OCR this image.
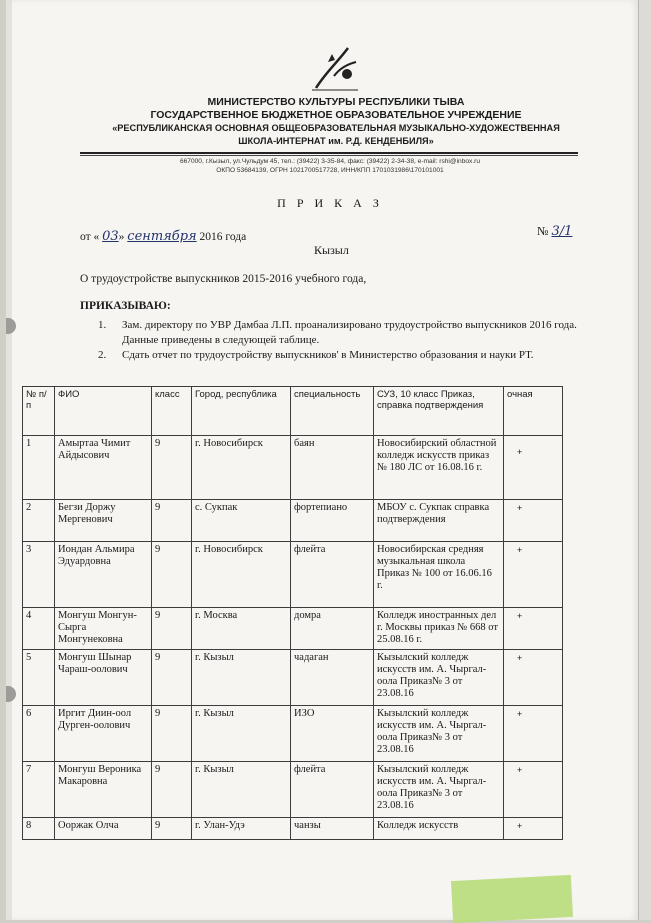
МИНИСТЕРСТВО КУЛЬТУРЫ РЕСПУБЛИКИ ТЫВА
ГОСУДАРСТВЕННОЕ БЮДЖЕТНОЕ ОБРАЗОВАТЕЛЬНОЕ УЧРЕЖДЕНИЕ
«РЕСПУБЛИКАНСКАЯ ОСНОВНАЯ ОБЩЕОБРАЗОВАТЕЛЬНАЯ МУЗЫКАЛЬНО-ХУДОЖЕСТВЕННАЯ
ШКОЛА-ИНТЕРНАТ им. Р.Д. КЕНДЕНБИЛЯ»
667000, г.Кызыл, ул.Чульдум 45, тел.: (39422) 3-35-84, факс: (39422) 2-34-38, e-mail: rshi@inbox.ru
ОКПО 53684139, ОГРН 1021700517728, ИНН/КПП 1701031986\170101001
П Р И К А З
от « 03» сентября 2016 года	№ 3/1
Кызыл
О трудоустройстве выпускников 2015-2016 учебного года,
ПРИКАЗЫВАЮ:
1. Зам. директору по УВР Дамбаа Л.П. проанализировано трудоустройство выпускников 2016 года. Данные приведены в следующей таблице.
2. Сдать отчет по трудоустройству выпускников' в Министерство образования и науки РТ.
№ п/п	ФИО	класс	Город, республика	специальность	СУЗ, 10 класс Приказ, справка подтверждения	очная
1	Амыртаа Чимит Айдысович	9	г. Новосибирск	баян	Новосибирский областной колледж искусств приказ № 180 ЛС от 16.08.16 г.	+

2	Бегзи Доржу Мергенович	9	с. Сукпак	фортепиано	МБОУ с. Сукпак справка подтверждения	+

3	Иондан Альмира Эдуардовна	9	г. Новосибирск	флейта	Новосибирская средняя музыкальная школа Приказ № 100 от 16.06.16 г.	+

4	Монгуш Монгун-Сырга Монгунековна	9	г. Москва	домра	Колледж иностранных дел г. Москвы приказ № 668 от 25.08.16 г.	+

5	Монгуш Шынар Чараш-оолович	9	г. Кызыл	чадаган	Кызылский колледж искусств им. А. Чыргал-оола Приказ№ 3 от 23.08.16	+

6	Иргит Диин-оол Дурген-оолович	9	г. Кызыл	ИЗО	Кызылский колледж искусств им. А. Чыргал-оола Приказ№ 3 от 23.08.16	+

7	Монгуш Вероника Макаровна	9	г. Кызыл	флейта	Кызылский колледж искусств им. А. Чыргал-оола Приказ№ 3 от 23.08.16	+

8	Ооржак Олча	9	г. Улан-Удэ	чанзы	Колледж искусств	+
